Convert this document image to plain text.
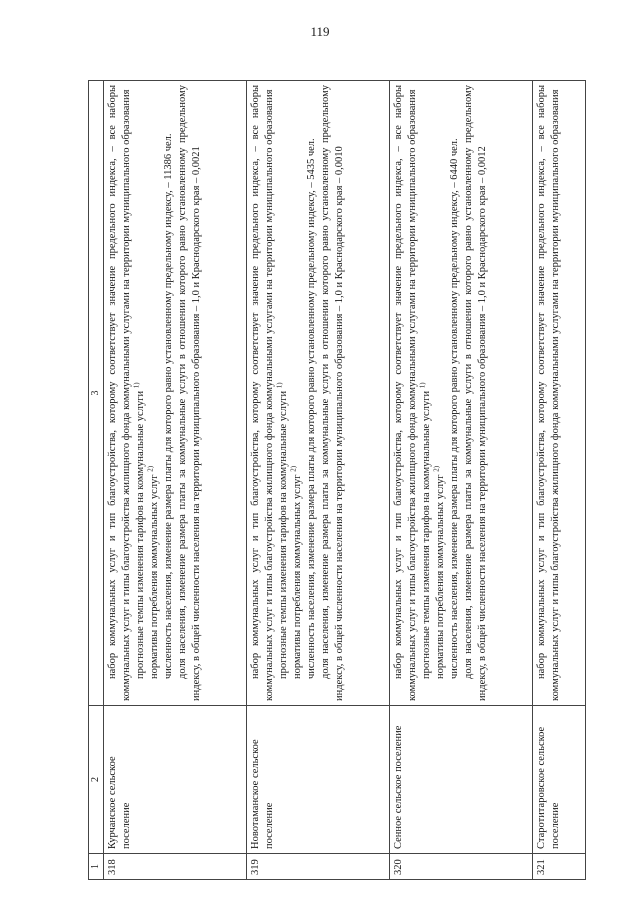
119
1	2	3
318	Курчанское сельское поселение	набор коммунальных услуг и тип благоустройства, которому соответствует значение предельного индекса, – все наборы коммунальных услуг и типы благоустройства жилищного фонда коммунальными услугами на территории муниципального образования прогнозные темпы изменения тарифов на коммунальные услуги $^{1)}$

нормативы потребления коммунальных услуг $^{2)}$ численность населения, изменение размера платы для которого равно установленному предельному индексу, – 11386 чел. доля населения, изменение размера платы за коммунальные услуги в отношении которого равно установленному предельному индексу, в общей численности населения на территории муниципального образования – 1,0 и Краснодарского края – 0,0021

319	Новотаманское сельское поселение	набор коммунальных услуг и тип благоустройства, которому соответствует значение предельного индекса, – все наборы коммунальных услуг и типы благоустройства жилищного фонда коммунальными услугами на территории муниципального образования прогнозные темпы изменения тарифов на коммунальные услуги $^{1)}$

нормативы потребления коммунальных услуг $^{2)}$ численность населения, изменение размера платы для которого равно установленному предельному индексу, – 5435 чел. доля населения, изменение размера платы за коммунальные услуги в отношении которого равно установленному предельному индексу, в общей численности населения на территории муниципального образования – 1,0 и Краснодарского края – 0,0010

320	Сенное сельское поселение	набор коммунальных услуг и тип благоустройства, которому соответствует значение предельного индекса, – все наборы коммунальных услуг и типы благоустройства жилищного фонда коммунальными услугами на территории муниципального образования прогнозные темпы изменения тарифов на коммунальные услуги $^{1)}$

нормативы потребления коммунальных услуг $^{2)}$ численность населения, изменение размера платы для которого равно установленному предельному индексу, – 6440 чел. доля населения, изменение размера платы за коммунальные услуги в отношении которого равно установленному предельному индексу, в общей численности населения на территории муниципального образования – 1,0 и Краснодарского края – 0,0012

321	Старотитаровское сельское поселение	набор коммунальных услуг и тип благоустройства, которому соответствует значение предельного индекса, – все наборы коммунальных услуг и типы благоустройства жилищного фонда коммунальными услугами на территории муниципального образования
